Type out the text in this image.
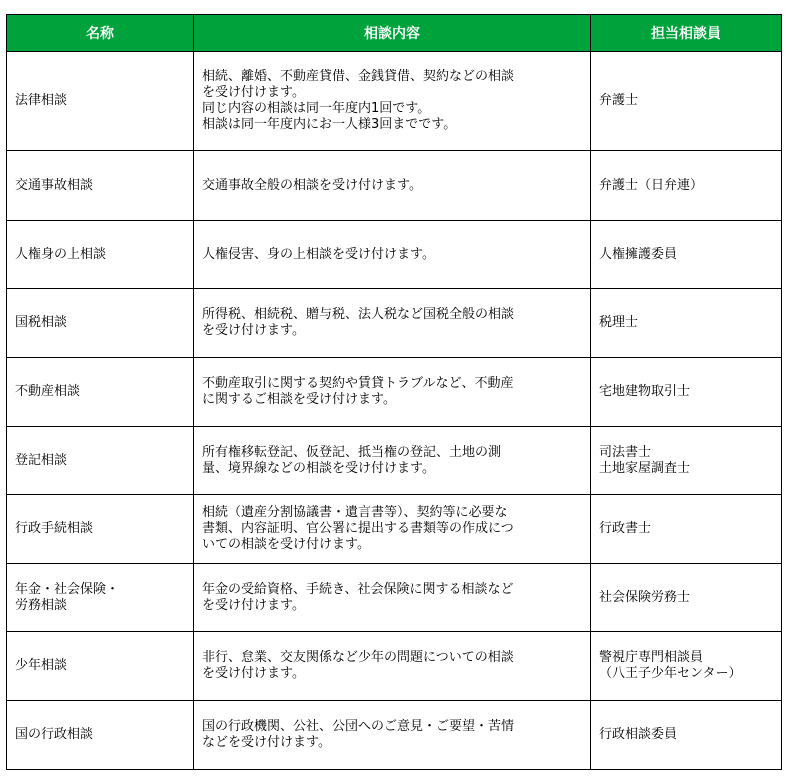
名称	相談内容	担当相談員

法律相談	相続、離婚、不動産貸借、金銭貸借、契約などの相談
を受け付けます。
同じ内容の相談は同一年度内1回です。
相談は同一年度内にお一人様3回までです。	弁護士

交通事故相談	交通事故全般の相談を受け付けます。	弁護士（日弁連）

人権身の上相談	人権侵害、身の上相談を受け付けます。	人権擁護委員

国税相談	所得税、相続税、贈与税、法人税など国税全般の相談
を受け付けます。	税理士

不動産相談	不動産取引に関する契約や賃貸トラブルなど、不動産
に関するご相談を受け付けます。	宅地建物取引士

登記相談	所有権移転登記、仮登記、抵当権の登記、土地の測
量、境界線などの相談を受け付けます。	司法書士
土地家屋調査士

行政手続相談	相続（遺産分割協議書・遺言書等）、契約等に必要な
書類、内容証明、官公署に提出する書類等の作成につ
いての相談を受け付けます。	行政書士

年金・社会保険・
労務相談	年金の受給資格、手続き、社会保険に関する相談など
を受け付けます。	社会保険労務士

少年相談	非行、怠業、交友関係など少年の問題についての相談
を受け付けます。	警視庁専門相談員
（八王子少年センター）

国の行政相談	国の行政機関、公社、公団へのご意見・ご要望・苦情
などを受け付けます。	行政相談委員
